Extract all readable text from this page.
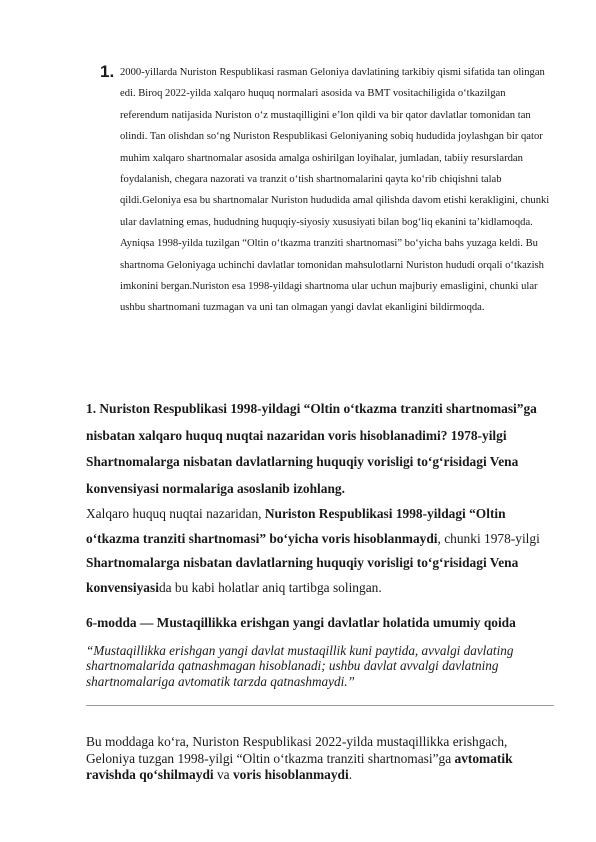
1. 2000-yillarda Nuriston Respublikasi rasman Geloniya davlatining tarkibiy qismi sifatida tan olingan edi. Biroq 2022-yilda xalqaro huquq normalari asosida va BMT vositachiligida o‘tkazilgan referendum natijasida Nuriston o‘z mustaqilligini e’lon qildi va bir qator davlatlar tomonidan tan olindi. Tan olishdan so‘ng Nuriston Respublikasi Geloniyaning sobiq hududida joylashgan bir qator muhim xalqaro shartnomalar asosida amalga oshirilgan loyihalar, jumladan, tabiiy resurslardan foydalanish, chegara nazorati va tranzit o‘tish shartnomalarini qayta ko‘rib chiqishni talab qildi.Geloniya esa bu shartnomalar Nuriston hududida amal qilishda davom etishi kerakligini, chunki ular davlatning emas, hududning huquqiy-siyosiy xususiyati bilan bog‘liq ekanini ta’kidlamoqda. Ayniqsa 1998-yilda tuzilgan “Oltin o‘tkazma tranziti shartnomasi” bo‘yicha bahs yuzaga keldi. Bu shartnoma Geloniyaga uchinchi davlatlar tomonidan mahsulotlarni Nuriston hududi orqali o‘tkazish imkonini bergan.Nuriston esa 1998-yildagi shartnoma ular uchun majburiy emasligini, chunki ular ushbu shartnomani tuzmagan va uni tan olmagan yangi davlat ekanligini bildirmoqda.

1. Nuriston Respublikasi 1998-yildagi “Oltin o‘tkazma tranziti shartnomasi”ga nisbatan xalqaro huquq nuqtai nazaridan voris hisoblanadimi? 1978-yilgi Shartnomalarga nisbatan davlatlarning huquqiy vorisligi to‘g‘risidagi Vena konvensiyasi normalariga asoslanib izohlang.

Xalqaro huquq nuqtai nazaridan, Nuriston Respublikasi 1998-yildagi “Oltin o‘tkazma tranziti shartnomasi” bo‘yicha voris hisoblanmaydi, chunki 1978-yilgi Shartnomalarga nisbatan davlatlarning huquqiy vorisligi to‘g‘risidagi Vena konvensiyasida bu kabi holatlar aniq tartibga solingan.

6-modda — Mustaqillikka erishgan yangi davlatlar holatida umumiy qoida

“Mustaqillikka erishgan yangi davlat mustaqillik kuni paytida, avvalgi davlating shartnomalarida qatnashmagan hisoblanadi; ushbu davlat avvalgi davlatning shartnomalariga avtomatik tarzda qatnashmaydi.”

Bu moddaga ko‘ra, Nuriston Respublikasi 2022-yilda mustaqillikka erishgach, Geloniya tuzgan 1998-yilgi “Oltin o‘tkazma tranziti shartnomasi”ga avtomatik ravishda qo‘shilmaydi va voris hisoblanmaydi.
